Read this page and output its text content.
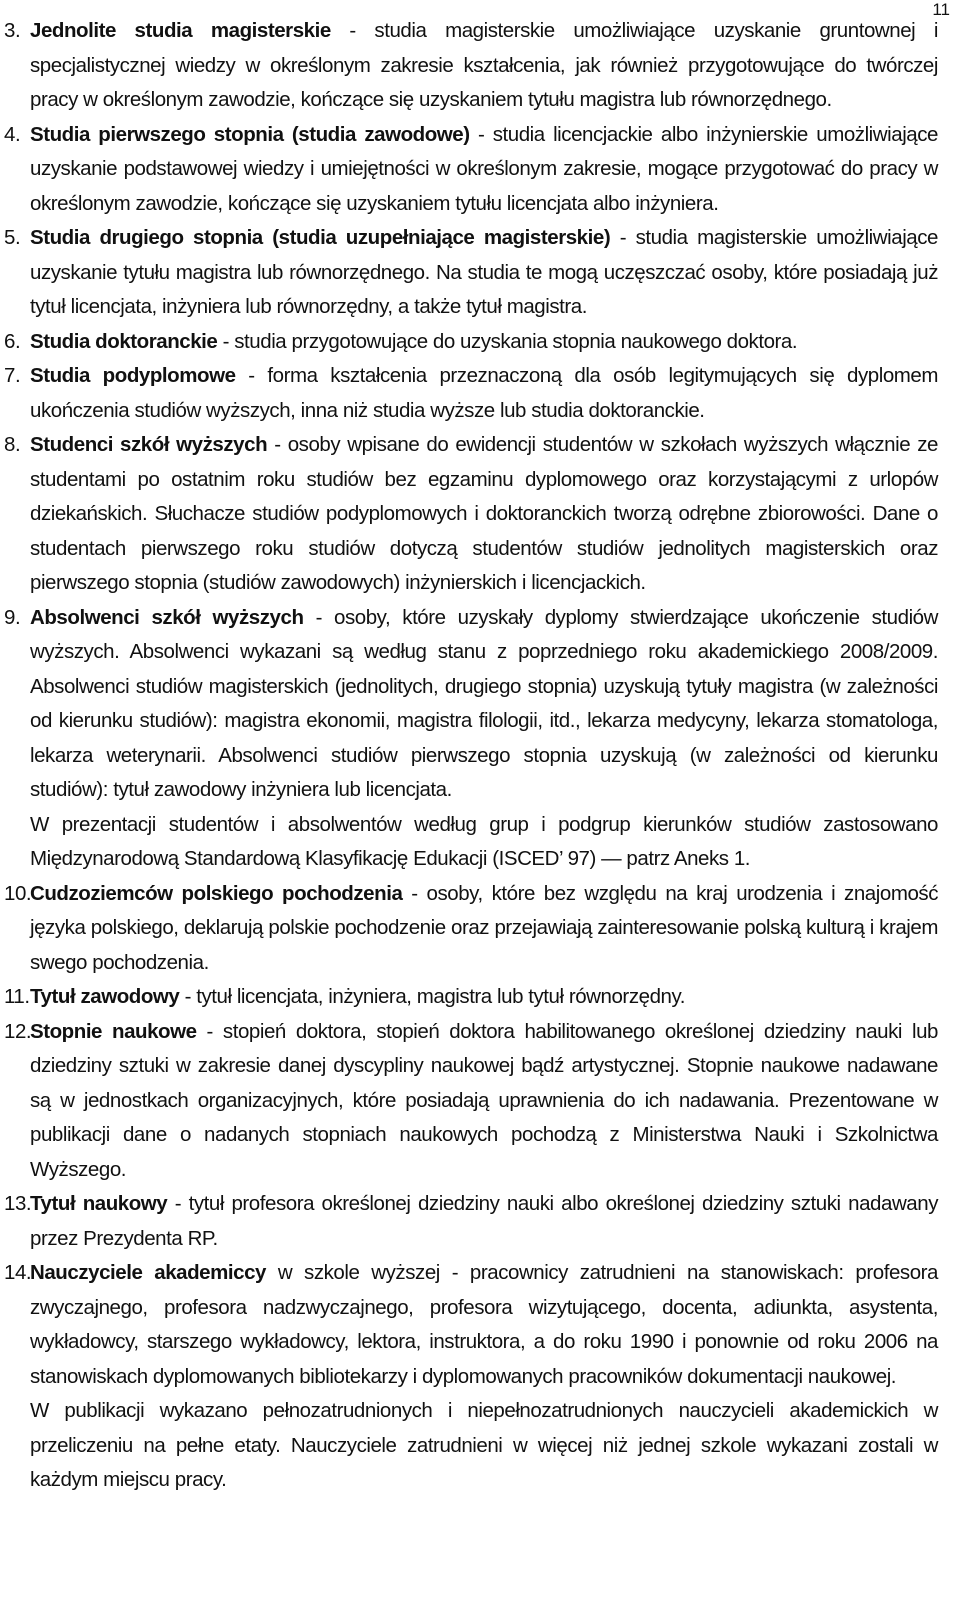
11
3. Jednolite studia magisterskie - studia magisterskie umożliwiające uzyskanie gruntownej i specjalistycznej wiedzy w określonym zakresie kształcenia, jak również przygotowujące do twórczej pracy w określonym zawodzie, kończące się uzyskaniem tytułu magistra lub równorzędnego.
4. Studia pierwszego stopnia (studia zawodowe) - studia licencjackie albo inżynierskie umożliwiające uzyskanie podstawowej wiedzy i umiejętności w określonym zakresie, mogące przygotować do pracy w określonym zawodzie, kończące się uzyskaniem tytułu licencjata albo inżyniera.
5. Studia drugiego stopnia (studia uzupełniające magisterskie) - studia magisterskie umożliwiające uzyskanie tytułu magistra lub równorzędnego. Na studia te mogą uczęszczać osoby, które posiadają już tytuł licencjata, inżyniera lub równorzędny, a także tytuł magistra.
6. Studia doktoranckie - studia przygotowujące do uzyskania stopnia naukowego doktora.
7. Studia podyplomowe - forma kształcenia przeznaczoną dla osób legitymujących się dyplomem ukończenia studiów wyższych, inna niż studia wyższe lub studia doktoranckie.
8. Studenci szkół wyższych - osoby wpisane do ewidencji studentów w szkołach wyższych włącznie ze studentami po ostatnim roku studiów bez egzaminu dyplomowego oraz korzystającymi z urlopów dziekańskich. Słuchacze studiów podyplomowych i doktoranckich tworzą odrębne zbiorowości. Dane o studentach pierwszego roku studiów dotyczą studentów studiów jednolitych magisterskich oraz pierwszego stopnia (studiów zawodowych) inżynierskich i licencjackich.
9. Absolwenci szkół wyższych - osoby, które uzyskały dyplomy stwierdzające ukończenie studiów wyższych. Absolwenci wykazani są według stanu z poprzedniego roku akademickiego 2008/2009. Absolwenci studiów magisterskich (jednolitych, drugiego stopnia) uzyskują tytuły magistra (w zależności od kierunku studiów): magistra ekonomii, magistra filologii, itd., lekarza medycyny, lekarza stomatologa, lekarza weterynarii. Absolwenci studiów pierwszego stopnia uzyskują (w zależności od kierunku studiów): tytuł zawodowy inżyniera lub licencjata.
W prezentacji studentów i absolwentów według grup i podgrup kierunków studiów zastosowano Międzynarodową Standardową Klasyfikację Edukacji (ISCED’ 97) — patrz Aneks 1.
10.
Cudzoziemców polskiego pochodzenia - osoby, które bez względu na kraj urodzenia i znajomość języka polskiego, deklarują polskie pochodzenie oraz przejawiają zainteresowanie polską kulturą i krajem swego pochodzenia.
11. Tytuł zawodowy - tytuł licencjata, inżyniera, magistra lub tytuł równorzędny.
12.
Stopnie naukowe - stopień doktora, stopień doktora habilitowanego określonej dziedziny nauki lub dziedziny sztuki w zakresie danej dyscypliny naukowej bądź artystycznej. Stopnie naukowe nadawane są w jednostkach organizacyjnych, które posiadają uprawnienia do ich nadawania. Prezentowane w publikacji dane o nadanych stopniach naukowych pochodzą z Ministerstwa Nauki i Szkolnictwa Wyższego.
13.
Tytuł naukowy - tytuł profesora określonej dziedziny nauki albo określonej dziedziny sztuki nadawany przez Prezydenta RP.
14.
Nauczyciele akademiccy w szkole wyższej - pracownicy zatrudnieni na stanowiskach: profesora zwyczajnego, profesora nadzwyczajnego, profesora wizytującego, docenta, adiunkta, asystenta, wykładowcy, starszego wykładowcy, lektora, instruktora, a do roku 1990 i ponownie od roku 2006 na stanowiskach dyplomowanych bibliotekarzy i dyplomowanych pracowników dokumentacji naukowej.
W publikacji wykazano pełnozatrudnionych i niepełnozatrudnionych nauczycieli akademickich w przeliczeniu na pełne etaty. Nauczyciele zatrudnieni w więcej niż jednej szkole wykazani zostali w każdym miejscu pracy.
